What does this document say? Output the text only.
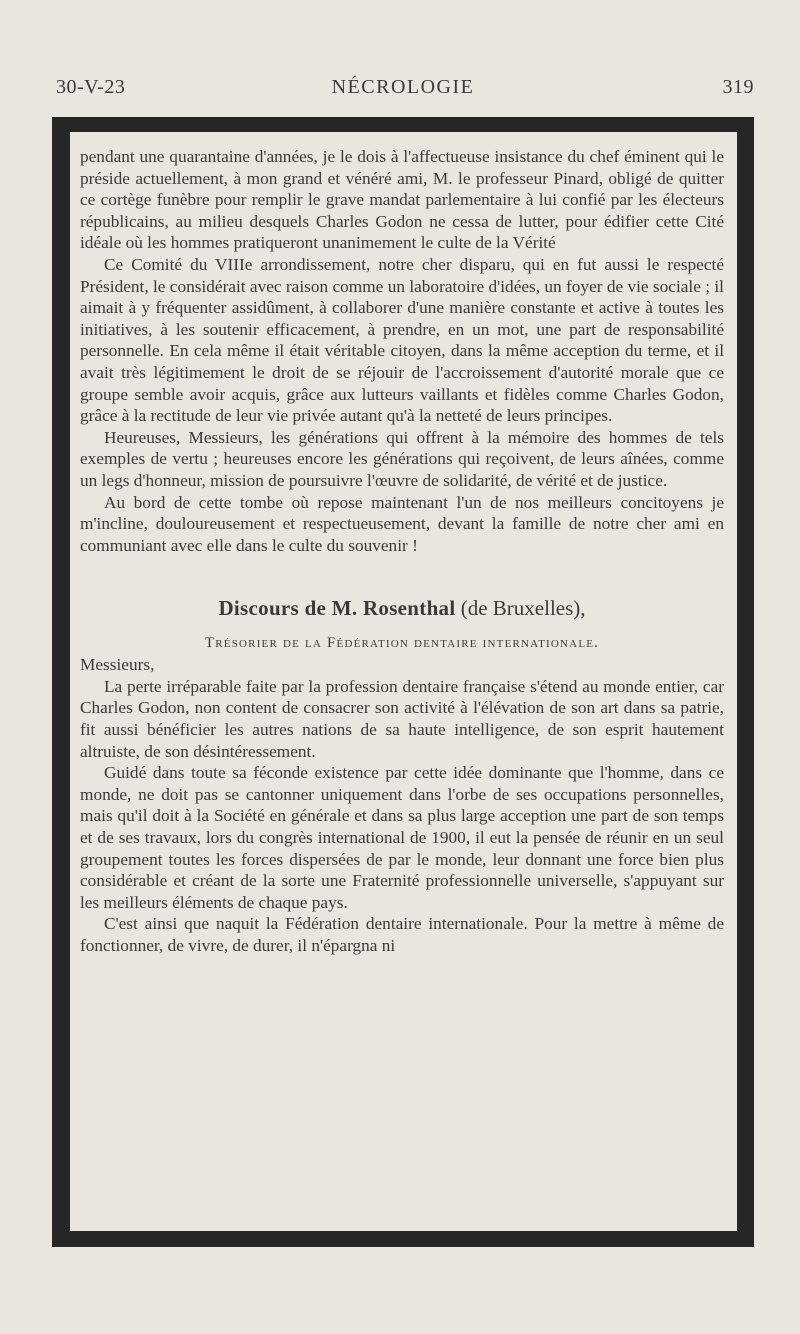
30-V-23	NÉCROLOGIE	319

pendant une quarantaine d'années, je le dois à l'affectueuse insistance du chef éminent qui le préside actuellement, à mon grand et vénéré ami, M. le professeur Pinard, obligé de quitter ce cortège funèbre pour remplir le grave mandat parlementaire à lui confié par les électeurs républicains, au milieu desquels Charles Godon ne cessa de lutter, pour édifier cette Cité idéale où les hommes pratiqueront unanimement le culte de la Vérité

Ce Comité du VIIIe arrondissement, notre cher disparu, qui en fut aussi le respecté Président, le considérait avec raison comme un laboratoire d'idées, un foyer de vie sociale ; il aimait à y fréquenter assidûment, à collaborer d'une manière constante et active à toutes les initiatives, à les soutenir efficacement, à prendre, en un mot, une part de responsabilité personnelle. En cela même il était véritable citoyen, dans la même acception du terme, et il avait très légitimement le droit de se réjouir de l'accroissement d'autorité morale que ce groupe semble avoir acquis, grâce aux lutteurs vaillants et fidèles comme Charles Godon, grâce à la rectitude de leur vie privée autant qu'à la netteté de leurs principes.

Heureuses, Messieurs, les générations qui offrent à la mémoire des hommes de tels exemples de vertu ; heureuses encore les générations qui reçoivent, de leurs aînées, comme un legs d'honneur, mission de poursuivre l'œuvre de solidarité, de vérité et de justice.

Au bord de cette tombe où repose maintenant l'un de nos meilleurs concitoyens je m'incline, douloureusement et respectueusement, devant la famille de notre cher ami en communiant avec elle dans le culte du souvenir !

Discours de M. Rosenthal (de Bruxelles),
Trésorier de la Fédération dentaire internationale.

Messieurs,

La perte irréparable faite par la profession dentaire française s'étend au monde entier, car Charles Godon, non content de consacrer son activité à l'élévation de son art dans sa patrie, fit aussi bénéficier les autres nations de sa haute intelligence, de son esprit hautement altruiste, de son désintéressement.

Guidé dans toute sa féconde existence par cette idée dominante que l'homme, dans ce monde, ne doit pas se cantonner uniquement dans l'orbe de ses occupations personnelles, mais qu'il doit à la Société en générale et dans sa plus large acception une part de son temps et de ses travaux, lors du congrès international de 1900, il eut la pensée de réunir en un seul groupement toutes les forces dispersées de par le monde, leur donnant une force bien plus considérable et créant de la sorte une Fraternité professionnelle universelle, s'appuyant sur les meilleurs éléments de chaque pays.

C'est ainsi que naquit la Fédération dentaire internationale. Pour la mettre à même de fonctionner, de vivre, de durer, il n'épargna ni
